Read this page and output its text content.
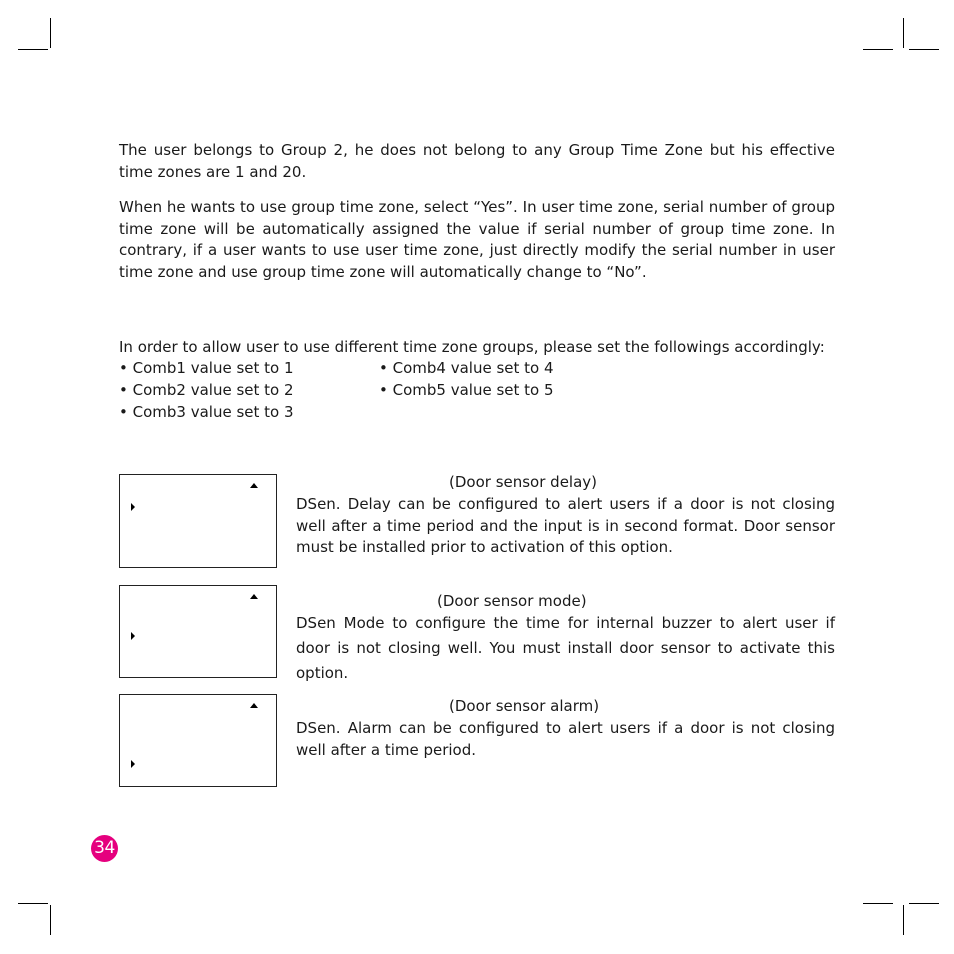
The user belongs to Group 2, he does not belong to any Group Time Zone but his effective time zones are 1 and 20.

When he wants to use group time zone, select “Yes”. In user time zone, serial number of group time zone will be automatically assigned the value if serial number of group time zone. In contrary, if a user wants to use user time zone, just directly modify the serial number in user time zone and use group time zone will automatically change to “No”.

In order to allow user to use different time zone groups, please set the followings accordingly:

• Comb1 value set to 1
• Comb2 value set to 2
• Comb3 value set to 3
• Comb4 value set to 4
• Comb5 value set to 5
(Door sensor delay)

DSen. Delay can be configured to alert users if a door is not closing well after a time period and the input is in second format. Door sensor must be installed prior to activation of this option.

(Door sensor mode)

DSen Mode to configure the time for internal buzzer to alert user if door is not closing well. You must install door sensor to activate this option.

(Door sensor alarm)

DSen. Alarm can be configured to alert users if a door is not closing well after a time period.

34
